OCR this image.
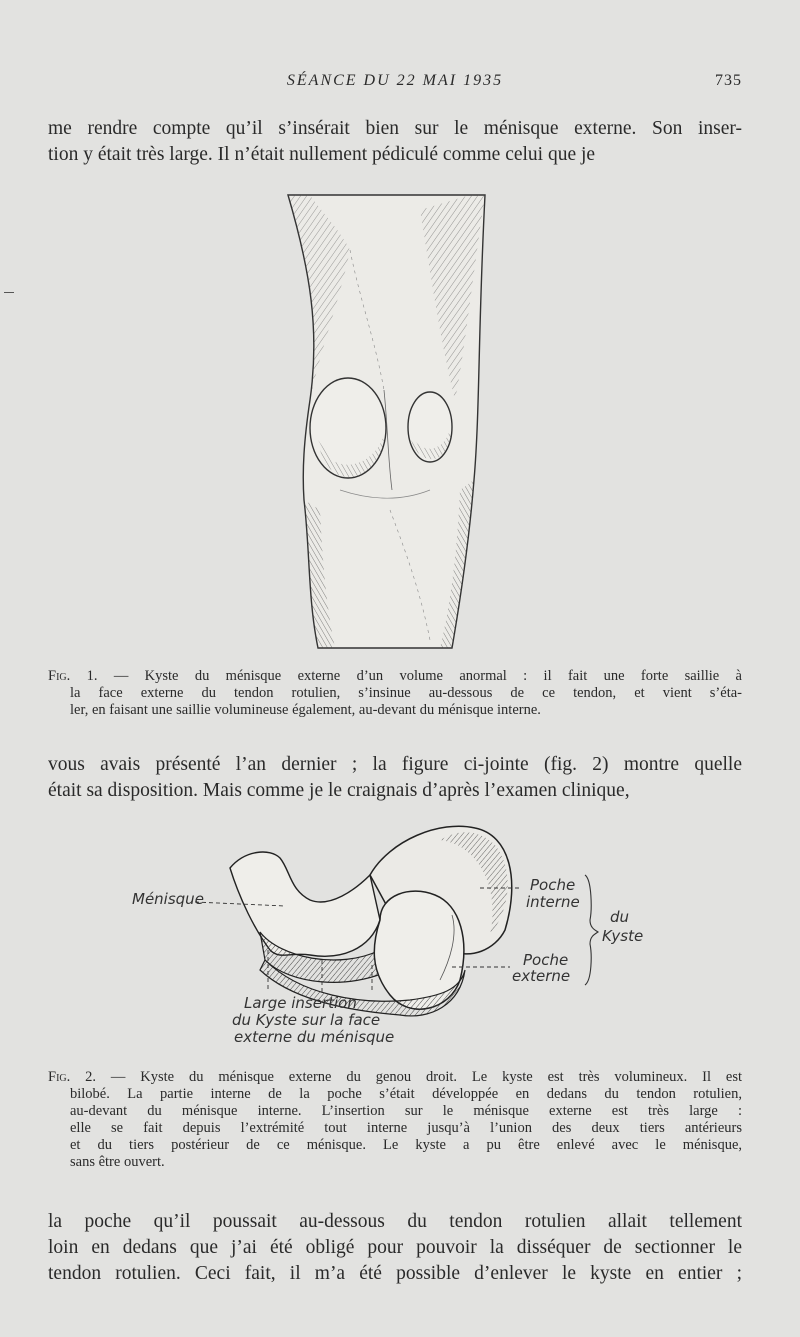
SÉANCE DU 22 MAI 1935	735

me rendre compte qu’il s’insérait bien sur le ménisque externe. Son inser-
tion y était très large. Il n’était nullement pédiculé comme celui que je

Fig. 1. — Kyste du ménisque externe d’un volume anormal : il fait une forte saillie à
la face externe du tendon rotulien, s’insinue au-dessous de ce tendon, et vient s’éta-
ler, en faisant une saillie volumineuse également, au-devant du ménisque interne.

vous avais présenté l’an dernier ; la figure ci-jointe (fig. 2) montre quelle
était sa disposition. Mais comme je le craignais d’après l’examen clinique,

Ménisque
Poche
interne
Poche
externe
du
Kyste
Large insertion
du Kyste sur la face
externe du ménisque
Fig. 2. — Kyste du ménisque externe du genou droit. Le kyste est très volumineux. Il est
bilobé. La partie interne de la poche s’était développée en dedans du tendon rotulien,
au-devant du ménisque interne. L’insertion sur le ménisque externe est très large :
elle se fait depuis l’extrémité tout interne jusqu’à l’union des deux tiers antérieurs
et du tiers postérieur de ce ménisque. Le kyste a pu être enlevé avec le ménisque,
sans être ouvert.

la poche qu’il poussait au-dessous du tendon rotulien allait tellement
loin en dedans que j’ai été obligé pour pouvoir la disséquer de sectionner le
tendon rotulien. Ceci fait, il m’a été possible d’enlever le kyste en entier ;
